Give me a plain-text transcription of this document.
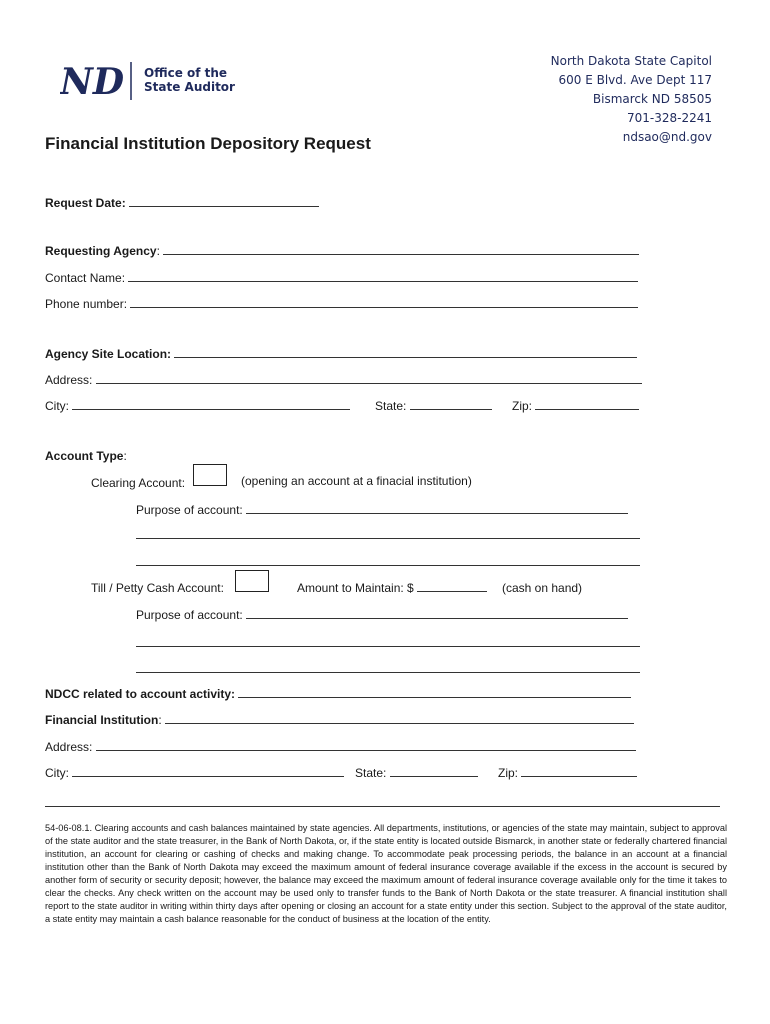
ND Office of the
State Auditor
North Dakota State Capitol
600 E Blvd. Ave Dept 117
Bismarck ND 58505
701-328-2241
ndsao@nd.gov
Financial Institution Depository Request
Request Date:
Requesting Agency:
Contact Name:
Phone number:
Agency Site Location:
Address:
City:	State:	Zip:
Account Type:
Clearing Account:	(opening an account at a finacial institution)
Purpose of account:
Till / Petty Cash Account:	Amount to Maintain: $	(cash on hand)
Purpose of account:
NDCC related to account activity:
Financial Institution:
Address:
City:	State:	Zip:
54-06-08.1. Clearing accounts and cash balances maintained by state agencies. All departments, institutions, or agencies of the state may maintain, subject to approval of the state auditor and the state treasurer, in the Bank of North Dakota, or, if the state entity is located outside Bismarck, in another state or federally chartered financial institution, an account for clearing or cashing of checks and making change. To accommodate peak processing periods, the balance in an account at a financial institution other than the Bank of North Dakota may exceed the maximum amount of federal insurance coverage available if the excess in the account is secured by another form of security or security deposit; however, the balance may exceed the maximum amount of federal insurance coverage available only for the time it takes to clear the checks. Any check written on the account may be used only to transfer funds to the Bank of North Dakota or the state treasurer. A financial institution shall report to the state auditor in writing within thirty days after opening or closing an account for a state entity under this section. Subject to the approval of the state auditor, a state entity may maintain a cash balance reasonable for the conduct of business at the location of the entity.
